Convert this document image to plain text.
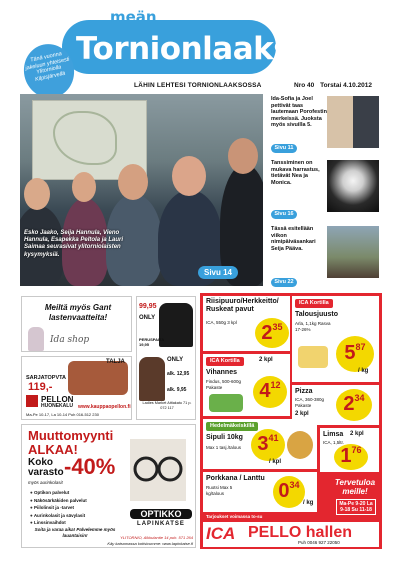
meän
Tornionlaakso
Tänä vuonna jakeluun yhteisesti Ylitorniolla Kilpisjärvellä
LÄHIN LEHTESI TORNIONLAAKSOSSA	Nro 40 Torstai 4.10.2012
Esko Jaako, Seija Hannula, Vieno Hannula, Esapekka Peltola ja Lauri Saimaa seurasivat ylitorniolaisten kysymyksiä.
Sivu 14
Ida-Sofia ja Joel pettivät taas lautemaan Porofestin merkeissä. Juoksta myös sivuilla 5.
Sivu 11
Tanssiminen on mukava harrastus, tietävät Nea ja Monica.
Sivu 16
Tässä esitellään viikon nimipäiväsankari Seija Pääva.
Sivu 22
Meiltä myös Gant lastenvaatteita!
Ida shop
TALJA
SARJATOPVTA
119,-
PELLON
HUONEKALU www.kauppaopellon.fi
Ma-Pe 10-17, La 10-14 Puh 016-512 230
99,95
ONLY
PERUSPAITA 19,95
ONLY
alk. 12,95
alk. 9,95
Ladies Market Aittakatu 71 p. 072 117
Muuttomyynti
ALKAA!
Koko varasto -40%
myös aurinkolasit
● Optikon palvelut
● Näkösärkäkiden palvelut
● Piilolinsit ja -tarvet
● Aurinkolasit ja sävylasit
● Linssinvaihdot
Soita ja varaa aika! Palvelemme myös lauantaisin!
OPTIKKO
LAPINKATSE
YLITORNIO, Alkkulantie 14 puh. 571 264
Käy katsomassa kotisivumme: www.lapinkatse.fi
Riisipuuro/Herkkeitto/ Ruskeat pavut
ICA, 550g 3 kpl	$2^{35}$
ICA Kortilla
Talousjuusto
Arla, 1,1kg Rasva 17-26%
$5^{87}$
/ kg
ICA Kortilla	2 kpl
Vihannes
Findus, 500-600g Pakaste	$4^{12}$
Pizza
ICA, 360-380g Pakaste
2 kpl	$2^{34}$
Hedelmäkeiskillä
Sipuli 10kg
Max 1 tasj./talous $3^{41}$
/ kpl
Limsa 2 kpl
ICA, 1,5ltr.
$1^{76}$
Porkkana / Lanttu
Ruotsi Max 5 kg/talous	$0^{34}$
/ kg
Tervetuloa meille!
Ma-Pe 9-20 La 9-18 Su 11-18
Tarjoukset voimassa to-su
ICA PELLO hallen
Puh 0046 927 22050
